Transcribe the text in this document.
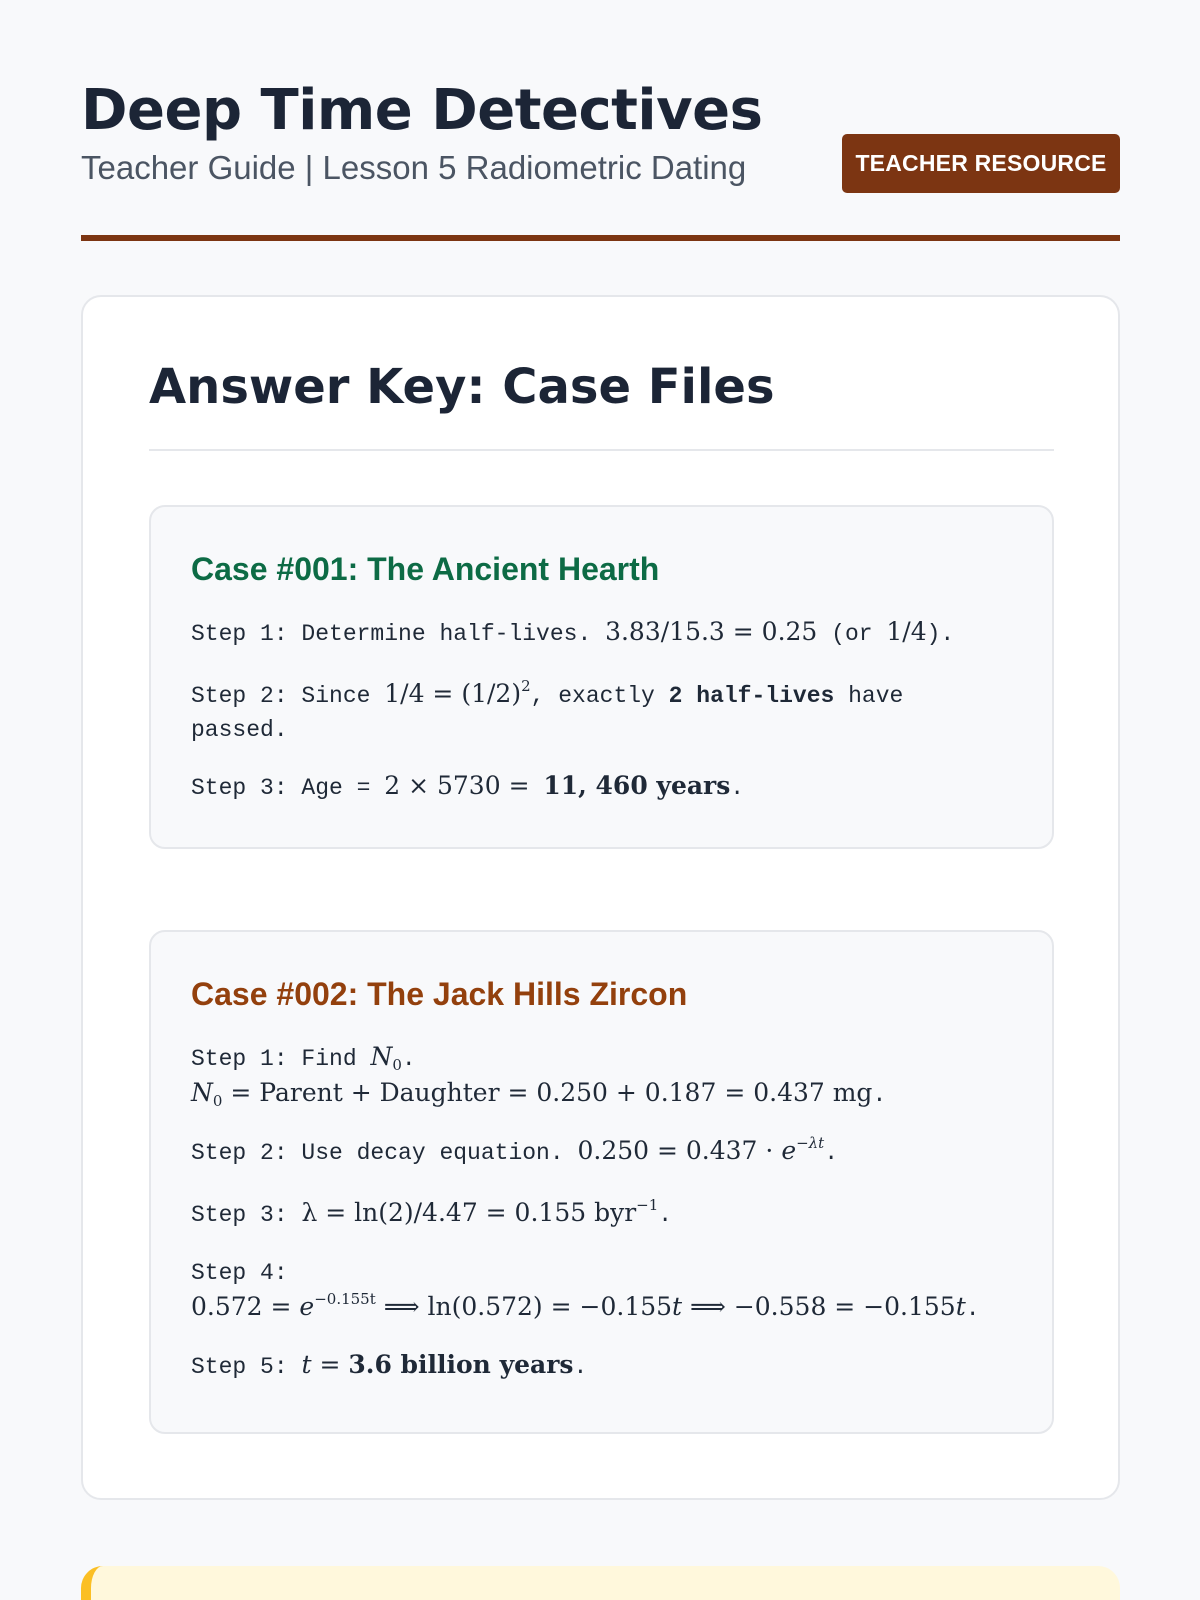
Deep Time Detectives
Teacher Guide | Lesson 5 Radiometric Dating	TEACHER RESOURCE
Answer Key: Case Files
Case #001: The Ancient Hearth
Step 1: Determine half-lives. 3.83/15.3 = 0.25 (or 1/4).
Step 2: Since $1/4 = (1/2)^2$, exactly 2 half-lives have
passed.
Step 3: Age = 2 × 5730 = 11, 460 years.
Case #002: The Jack Hills Zircon
Step 1: Find $N_0$.
$N_0$ = Parent + Daughter = 0.250 + 0.187 = 0.437 mg.
Step 2: Use decay equation. $0.250 = 0.437 \cdot e^{-\lambda t}$.
Step 3: λ = ln(2)/4.47 = 0.155 byr$^{-1}$.
Step 4:
$0.572 = e^{-0.155t}$ ⟹ ln(0.572) = −0.155t ⟹ −0.558 = −0.155t.
Step 5: t = 3.6 billion years.
